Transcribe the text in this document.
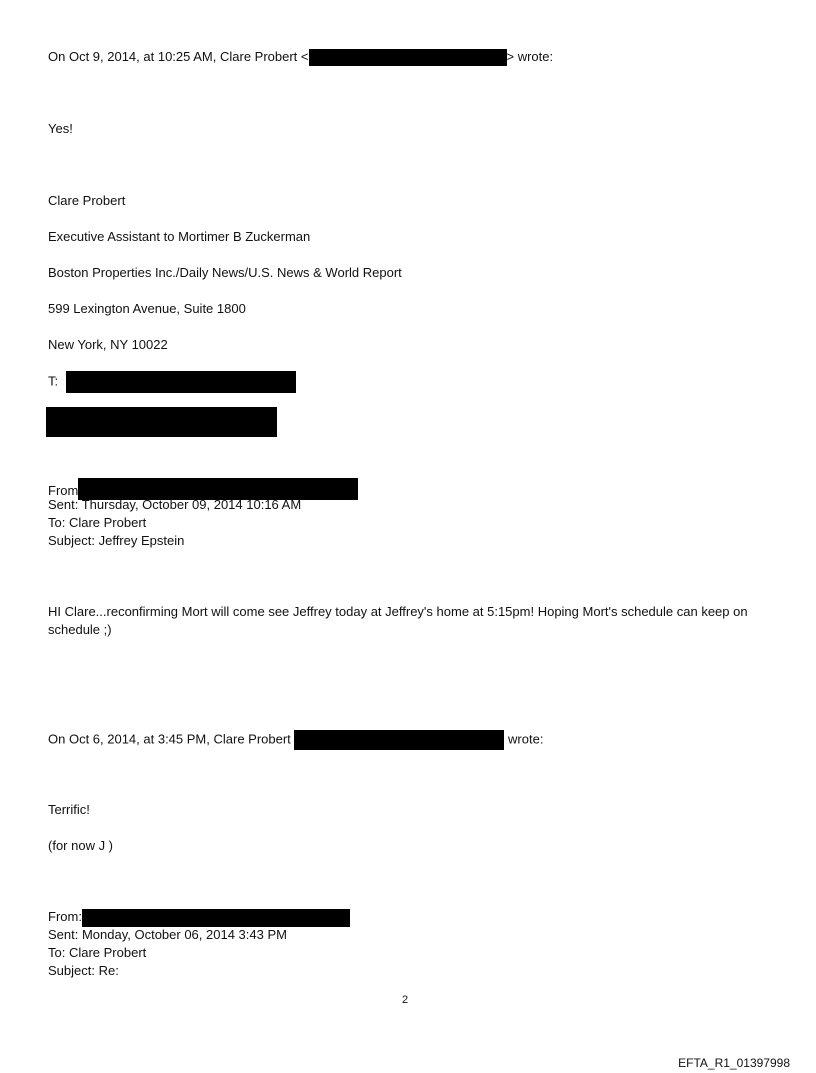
On Oct 9, 2014, at 10:25 AM, Clare Probert <	> wrote:
Yes!
Clare Probert
Executive Assistant to Mortimer B Zuckerman
Boston Properties Inc./Daily News/U.S. News & World Report
599 Lexington Avenue, Suite 1800
New York, NY 10022
T:
From
Sent: Thursday, October 09, 2014 10:16 AM
To: Clare Probert
Subject: Jeffrey Epstein
HI Clare...reconfirming Mort will come see Jeffrey today at Jeffrey's home at 5:15pm! Hoping Mort's schedule can keep on schedule ;)
On Oct 6, 2014, at 3:45 PM, Clare Probert	wrote:
Terrific!
(for now J )
From:
Sent: Monday, October 06, 2014 3:43 PM
To: Clare Probert
Subject: Re:
2
EFTA_R1_01397998
